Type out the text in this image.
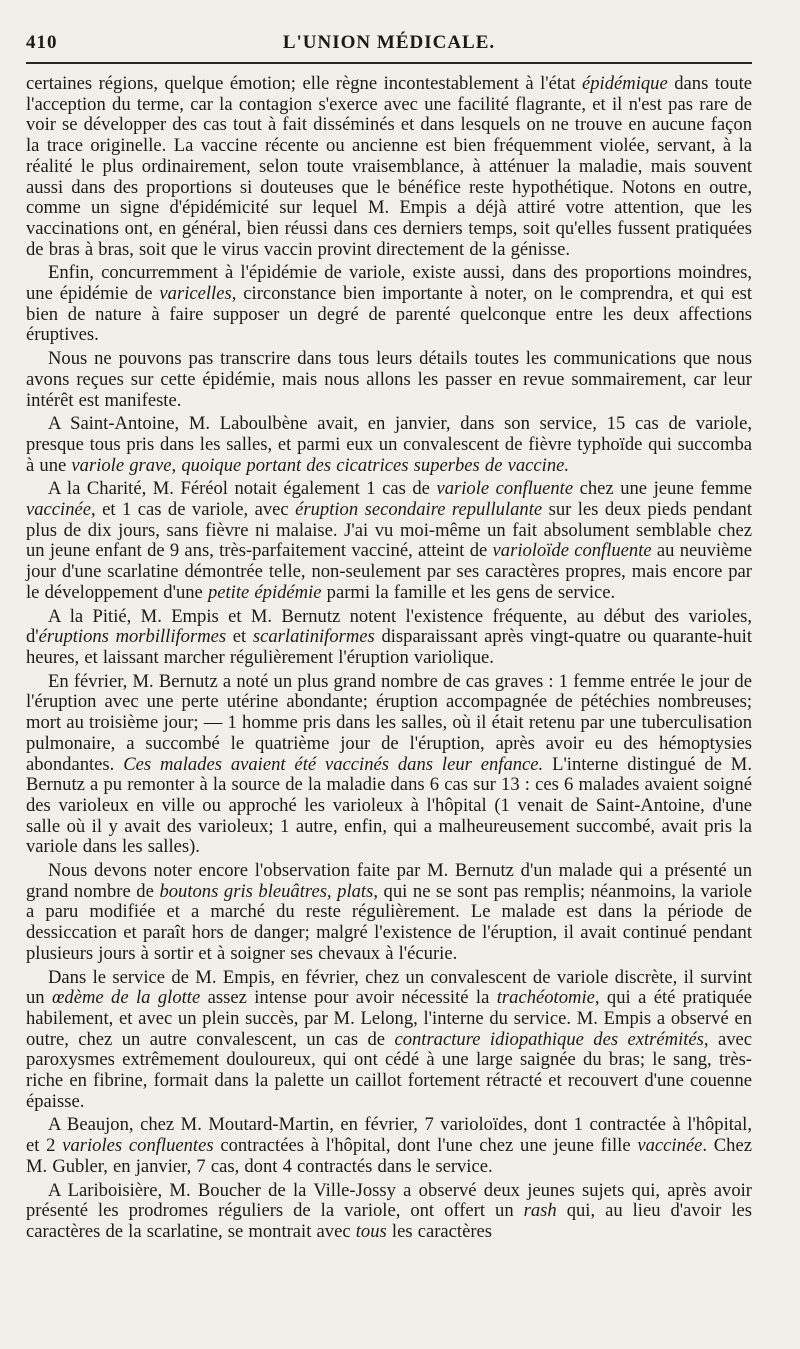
410	L'UNION MÉDICALE.

certaines régions, quelque émotion; elle règne incontestablement à l'état épidémique dans toute l'acception du terme, car la contagion s'exerce avec une facilité flagrante, et il n'est pas rare de voir se développer des cas tout à fait disséminés et dans lesquels on ne trouve en aucune façon la trace originelle. La vaccine récente ou ancienne est bien fréquemment violée, servant, à la réalité le plus ordinairement, selon toute vraisemblance, à atténuer la maladie, mais souvent aussi dans des proportions si douteuses que le bénéfice reste hypothétique. Notons en outre, comme un signe d'épidémicité sur lequel M. Empis a déjà attiré votre attention, que les vaccinations ont, en général, bien réussi dans ces derniers temps, soit qu'elles fussent pratiquées de bras à bras, soit que le virus vaccin provint directement de la génisse.

Enfin, concurremment à l'épidémie de variole, existe aussi, dans des proportions moindres, une épidémie de varicelles, circonstance bien importante à noter, on le comprendra, et qui est bien de nature à faire supposer un degré de parenté quelconque entre les deux affections éruptives.

Nous ne pouvons pas transcrire dans tous leurs détails toutes les communications que nous avons reçues sur cette épidémie, mais nous allons les passer en revue sommairement, car leur intérêt est manifeste.

A Saint-Antoine, M. Laboulbène avait, en janvier, dans son service, 15 cas de variole, presque tous pris dans les salles, et parmi eux un convalescent de fièvre typhoïde qui succomba à une variole grave, quoique portant des cicatrices superbes de vaccine.

A la Charité, M. Féréol notait également 1 cas de variole confluente chez une jeune femme vaccinée, et 1 cas de variole, avec éruption secondaire repullulante sur les deux pieds pendant plus de dix jours, sans fièvre ni malaise. J'ai vu moi-même un fait absolument semblable chez un jeune enfant de 9 ans, très-parfaitement vacciné, atteint de varioloïde confluente au neuvième jour d'une scarlatine démontrée telle, non-seulement par ses caractères propres, mais encore par le développement d'une petite épidémie parmi la famille et les gens de service.

A la Pitié, M. Empis et M. Bernutz notent l'existence fréquente, au début des varioles, d'éruptions morbilliformes et scarlatiniformes disparaissant après vingt-quatre ou quarante-huit heures, et laissant marcher régulièrement l'éruption variolique.

En février, M. Bernutz a noté un plus grand nombre de cas graves : 1 femme entrée le jour de l'éruption avec une perte utérine abondante; éruption accompagnée de pétéchies nombreuses; mort au troisième jour; — 1 homme pris dans les salles, où il était retenu par une tuberculisation pulmonaire, a succombé le quatrième jour de l'éruption, après avoir eu des hémoptysies abondantes. Ces malades avaient été vaccinés dans leur enfance. L'interne distingué de M. Bernutz a pu remonter à la source de la maladie dans 6 cas sur 13 : ces 6 malades avaient soigné des varioleux en ville ou approché les varioleux à l'hôpital (1 venait de Saint-Antoine, d'une salle où il y avait des varioleux; 1 autre, enfin, qui a malheureusement succombé, avait pris la variole dans les salles).

Nous devons noter encore l'observation faite par M. Bernutz d'un malade qui a présenté un grand nombre de boutons gris bleuâtres, plats, qui ne se sont pas remplis; néanmoins, la variole a paru modifiée et a marché du reste régulièrement. Le malade est dans la période de dessiccation et paraît hors de danger; malgré l'existence de l'éruption, il avait continué pendant plusieurs jours à sortir et à soigner ses chevaux à l'écurie.

Dans le service de M. Empis, en février, chez un convalescent de variole discrète, il survint un œdème de la glotte assez intense pour avoir nécessité la trachéotomie, qui a été pratiquée habilement, et avec un plein succès, par M. Lelong, l'interne du service. M. Empis a observé en outre, chez un autre convalescent, un cas de contracture idiopathique des extrémités, avec paroxysmes extrêmement douloureux, qui ont cédé à une large saignée du bras; le sang, très-riche en fibrine, formait dans la palette un caillot fortement rétracté et recouvert d'une couenne épaisse.

A Beaujon, chez M. Moutard-Martin, en février, 7 varioloïdes, dont 1 contractée à l'hôpital, et 2 varioles confluentes contractées à l'hôpital, dont l'une chez une jeune fille vaccinée. Chez M. Gubler, en janvier, 7 cas, dont 4 contractés dans le service.

A Lariboisière, M. Boucher de la Ville-Jossy a observé deux jeunes sujets qui, après avoir présenté les prodromes réguliers de la variole, ont offert un rash qui, au lieu d'avoir les caractères de la scarlatine, se montrait avec tous les caractères
